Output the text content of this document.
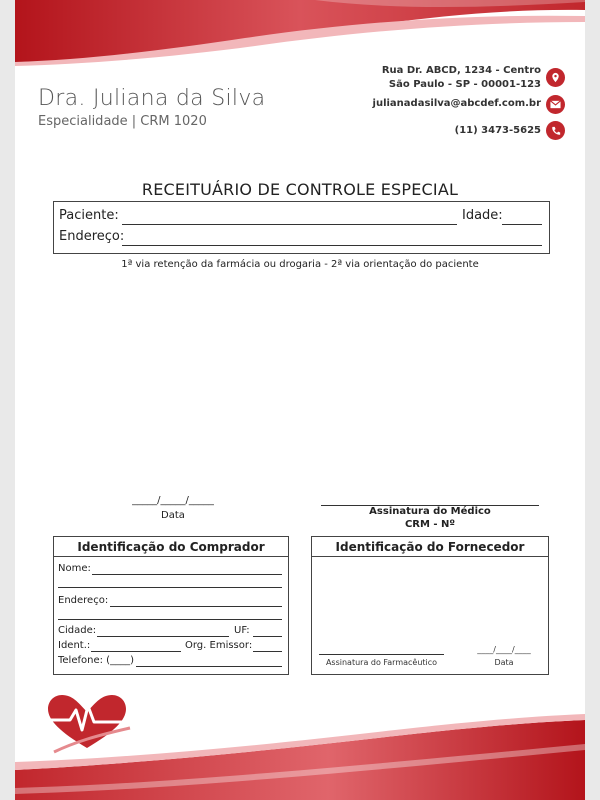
Dra. Juliana da Silva
Especialidade | CRM 1020
Rua Dr. ABCD, 1234 - Centro
São Paulo - SP - 00001-123
julianadasilva@abcdef.com.br
(11) 3473-5625
RECEITUÁRIO DE CONTROLE ESPECIAL
Paciente:	Idade:
Endereço:
1ª via retenção da farmácia ou drogaria - 2ª via orientação do paciente
_____/_____/_____
Data	Assinatura do Médico
CRM - Nº
Identificação do Comprador
Nome:
Endereço:
Cidade:	UF:
Ident.:	Org. Emissor:
Telefone: (____)
Identificação do Fornecedor
Assinatura do Farmacêutico
____/____/____
Data
